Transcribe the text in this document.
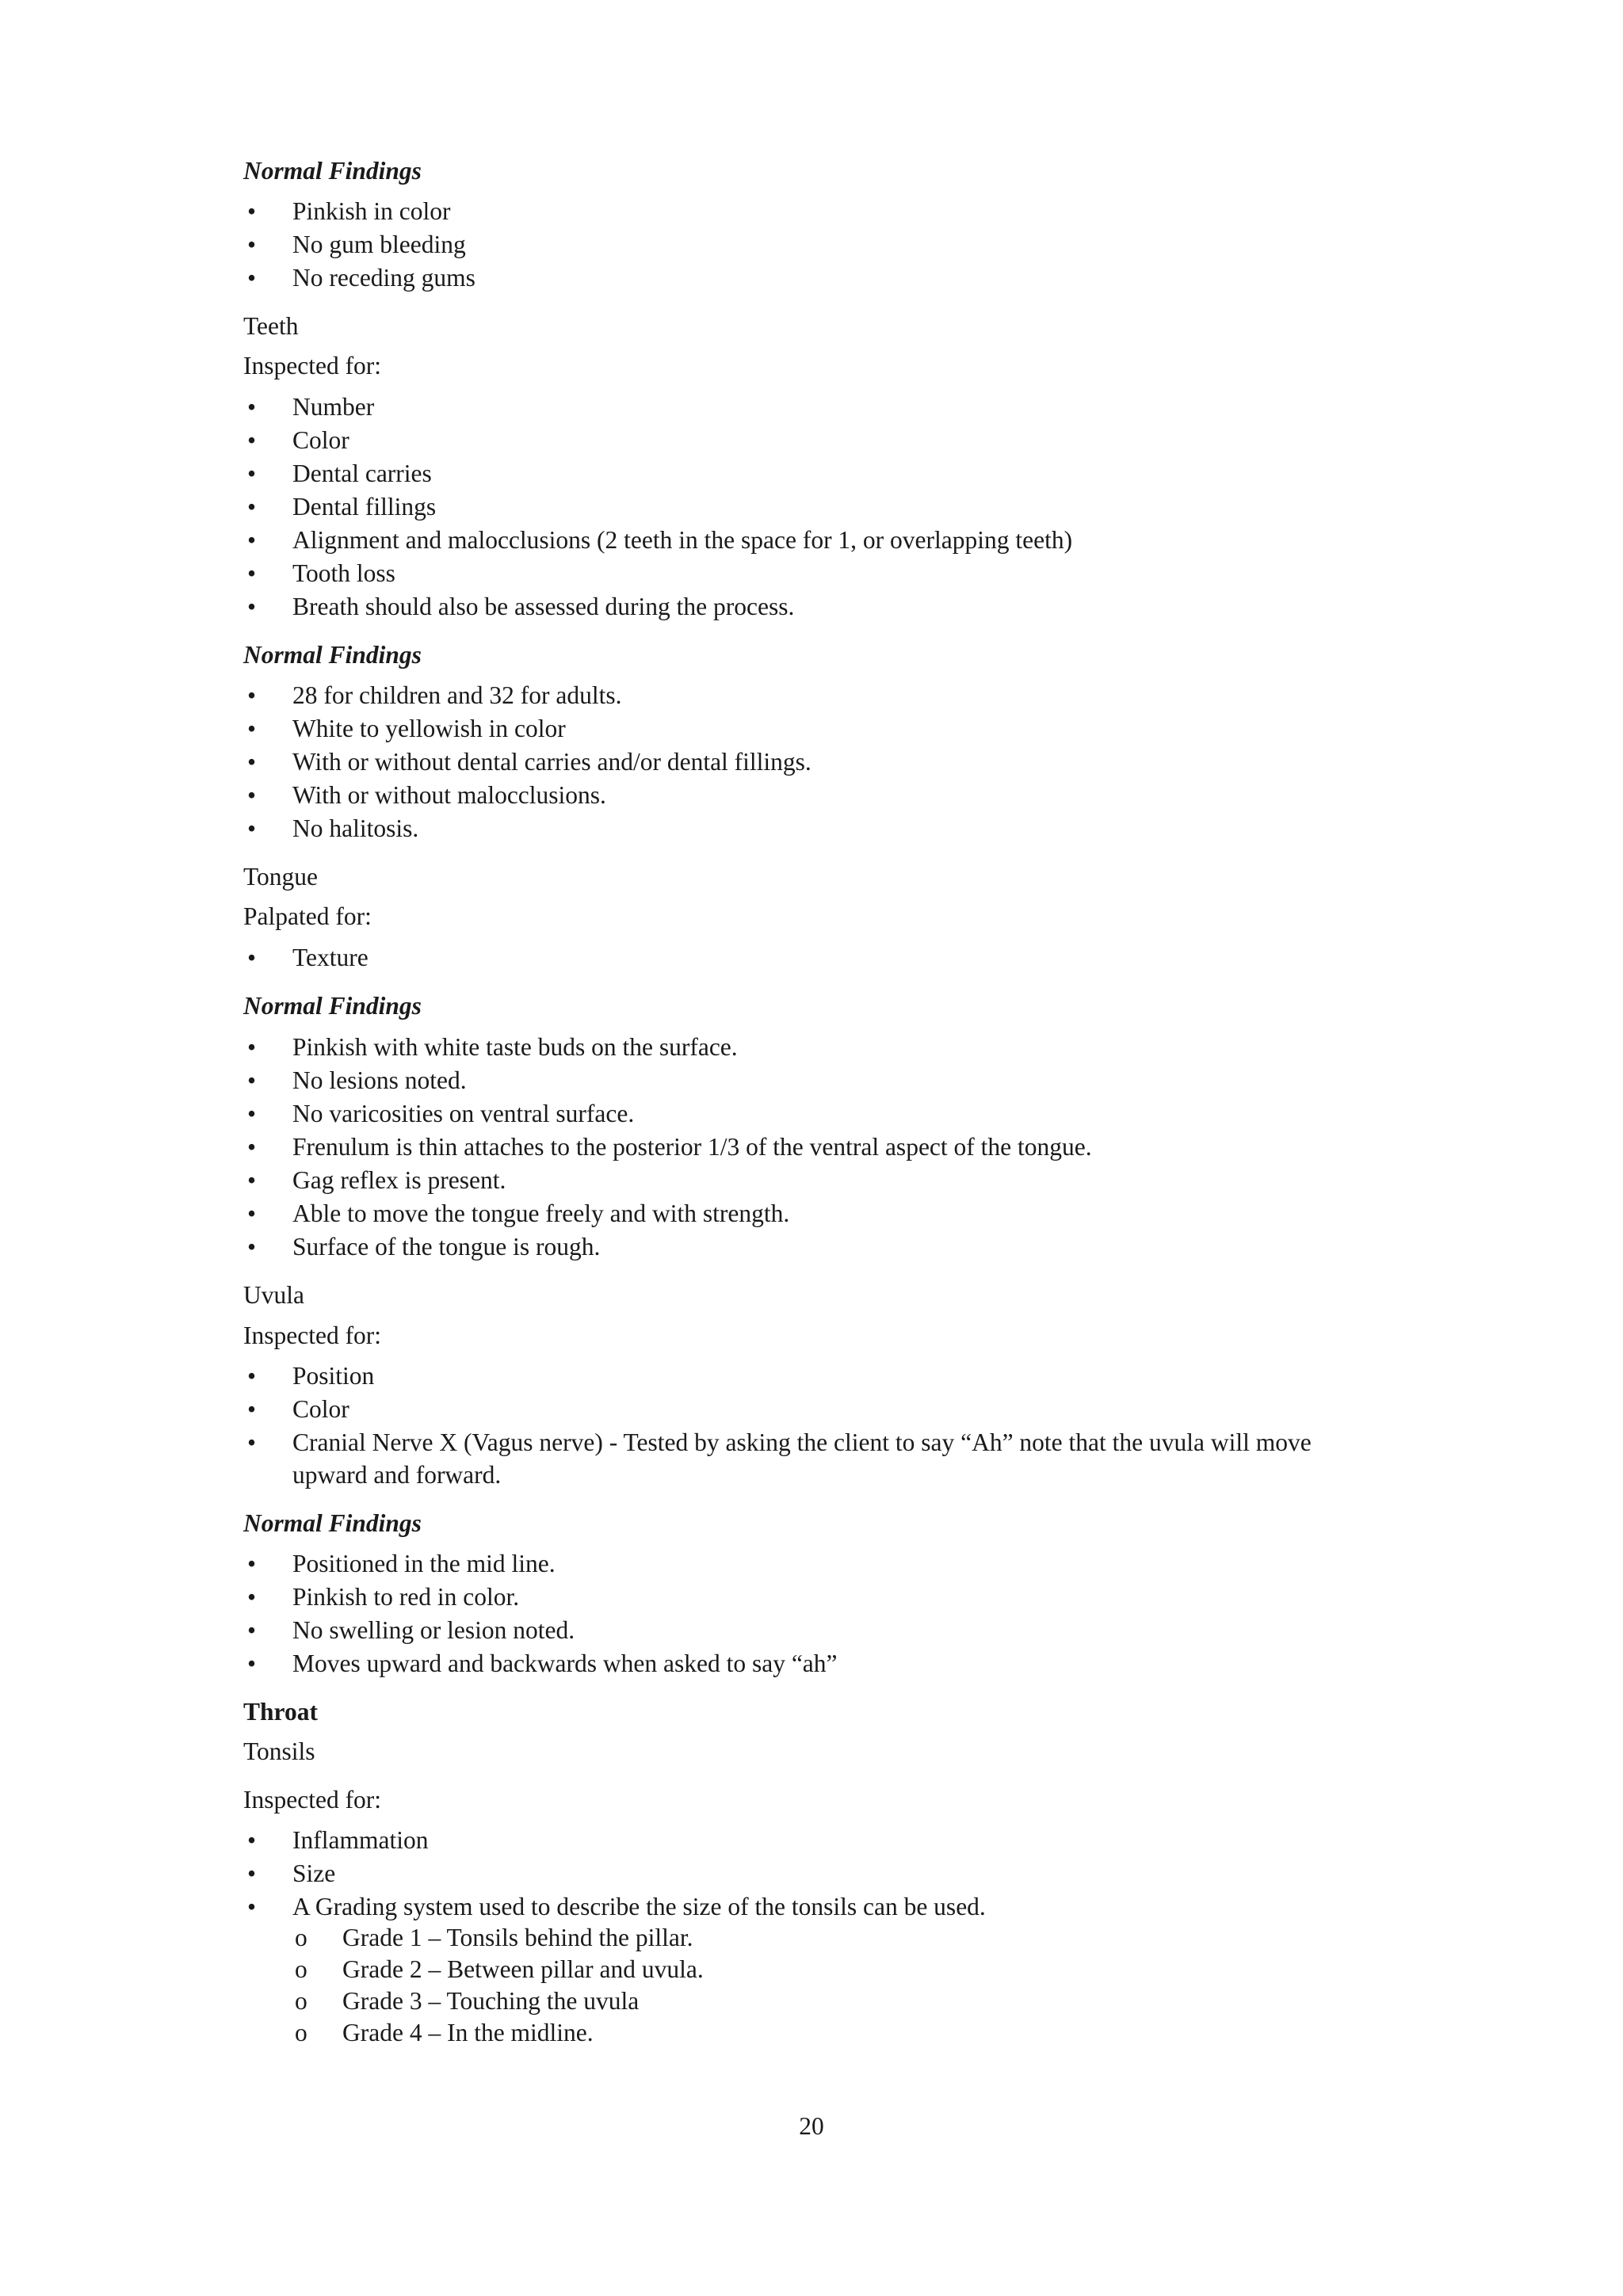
Normal Findings
• Pinkish in color
• No gum bleeding
• No receding gums
Teeth
Inspected for:
• Number
• Color
• Dental carries
• Dental fillings
• Alignment and malocclusions (2 teeth in the space for 1, or overlapping teeth)
• Tooth loss
• Breath should also be assessed during the process.
Normal Findings
• 28 for children and 32 for adults.
• White to yellowish in color
• With or without dental carries and/or dental fillings.
• With or without malocclusions.
• No halitosis.
Tongue
Palpated for:
• Texture
Normal Findings
• Pinkish with white taste buds on the surface.
• No lesions noted.
• No varicosities on ventral surface.
• Frenulum is thin attaches to the posterior 1/3 of the ventral aspect of the tongue.
• Gag reflex is present.
• Able to move the tongue freely and with strength.
• Surface of the tongue is rough.
Uvula
Inspected for:
• Position
• Color
• Cranial Nerve X (Vagus nerve) - Tested by asking the client to say “Ah” note that the uvula will move
upward and forward.
Normal Findings
• Positioned in the mid line.
• Pinkish to red in color.
• No swelling or lesion noted.
• Moves upward and backwards when asked to say “ah”
Throat
Tonsils
Inspected for:
• Inflammation
• Size
• A Grading system used to describe the size of the tonsils can be used.
o Grade 1 – Tonsils behind the pillar.
o Grade 2 – Between pillar and uvula.
o Grade 3 – Touching the uvula
o Grade 4 – In the midline.
20
